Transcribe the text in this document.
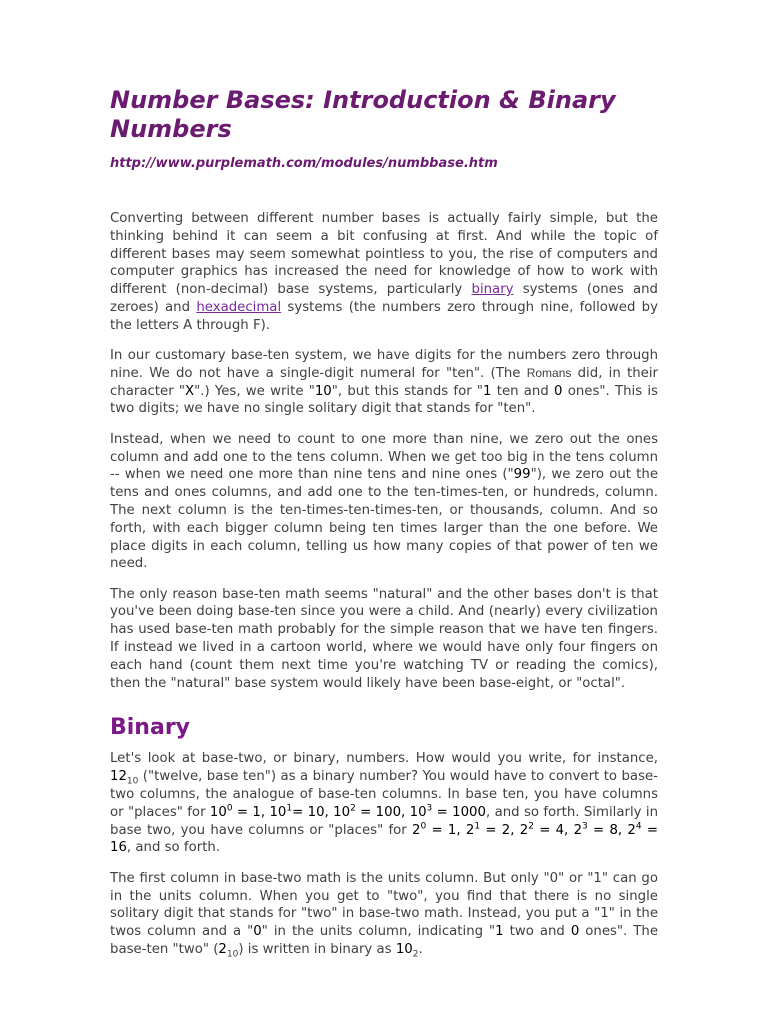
Number Bases: Introduction & Binary Numbers
http://www.purplemath.com/modules/numbbase.htm

Converting between different number bases is actually fairly simple, but the thinking behind it can seem a bit confusing at first. And while the topic of different bases may seem somewhat pointless to you, the rise of computers and computer graphics has increased the need for knowledge of how to work with different (non-decimal) base systems, particularly binary systems (ones and zeroes) and hexadecimal systems (the numbers zero through nine, followed by the letters A through F).

In our customary base-ten system, we have digits for the numbers zero through nine. We do not have a single-digit numeral for "ten". (The Romans did, in their character "X".) Yes, we write "10", but this stands for "1 ten and 0 ones". This is two digits; we have no single solitary digit that stands for "ten".

Instead, when we need to count to one more than nine, we zero out the ones column and add one to the tens column. When we get too big in the tens column -- when we need one more than nine tens and nine ones ("99"), we zero out the tens and ones columns, and add one to the ten-times-ten, or hundreds, column. The next column is the ten-times-ten-times-ten, or thousands, column. And so forth, with each bigger column being ten times larger than the one before. We place digits in each column, telling us how many copies of that power of ten we need.

The only reason base-ten math seems "natural" and the other bases don't is that you've been doing base-ten since you were a child. And (nearly) every civilization has used base-ten math probably for the simple reason that we have ten fingers. If instead we lived in a cartoon world, where we would have only four fingers on each hand (count them next time you're watching TV or reading the comics), then the "natural" base system would likely have been base-eight, or "octal".

Binary

Let's look at base-two, or binary, numbers. How would you write, for instance, $12_{10}$ ("twelve, base ten") as a binary number? You would have to convert to base-two columns, the analogue of base-ten columns. In base ten, you have columns or "places" for $10^0 = 1$, $10^1= 10$, $10^2 = 100$, $10^3 = 1000$, and so forth. Similarly in base two, you have columns or "places" for $2^0 = 1$, $2^1 = 2$, $2^2 = 4$, $2^3 = 8$, $2^4 = 16$, and so forth.

The first column in base-two math is the units column. But only "0" or "1" can go in the units column. When you get to "two", you find that there is no single solitary digit that stands for "two" in base-two math. Instead, you put a "1" in the twos column and a "0" in the units column, indicating "1 two and 0 ones". The base-ten "two" $(2_{10})$ is written in binary as $10_2$.
